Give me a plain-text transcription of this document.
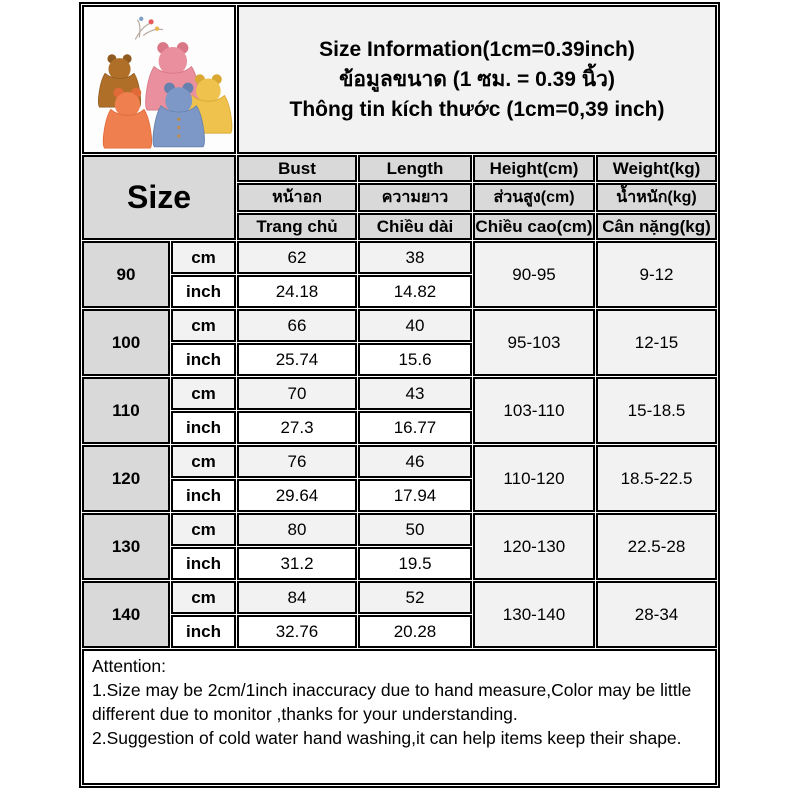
Size Information(1cm=0.39inch)
ข้อมูลขนาด (1 ซม. = 0.39 นิ้ว)
Thông tin kích thước (1cm=0,39 inch)			

Size		Bust	Length	Height(cm)	Weight(kg)
		หน้าอก	ความยาว	ส่วนสูง(cm)	น้ำหนัก(kg)
		Trang chủ	Chiều dài	Chiều cao(cm)	Cân nặng(kg)
90	cm	62	38	90-95	9-12
	inch	24.18	14.82		
100	cm	66	40	95-103	12-15
	inch	25.74	15.6		
110	cm	70	43	103-110	15-18.5
	inch	27.3	16.77		
120	cm	76	46	110-120	18.5-22.5
	inch	29.64	17.94		
130	cm	80	50	120-130	22.5-28
	inch	31.2	19.5		
140	cm	84	52	130-140	28-34
	inch	32.76	20.28		

Attention:
1.Size may be 2cm/1inch inaccuracy due to hand measure,Color may be little different due to monitor ,thanks for your understanding.
2.Suggestion of cold water hand washing,it can help items keep their shape.					
